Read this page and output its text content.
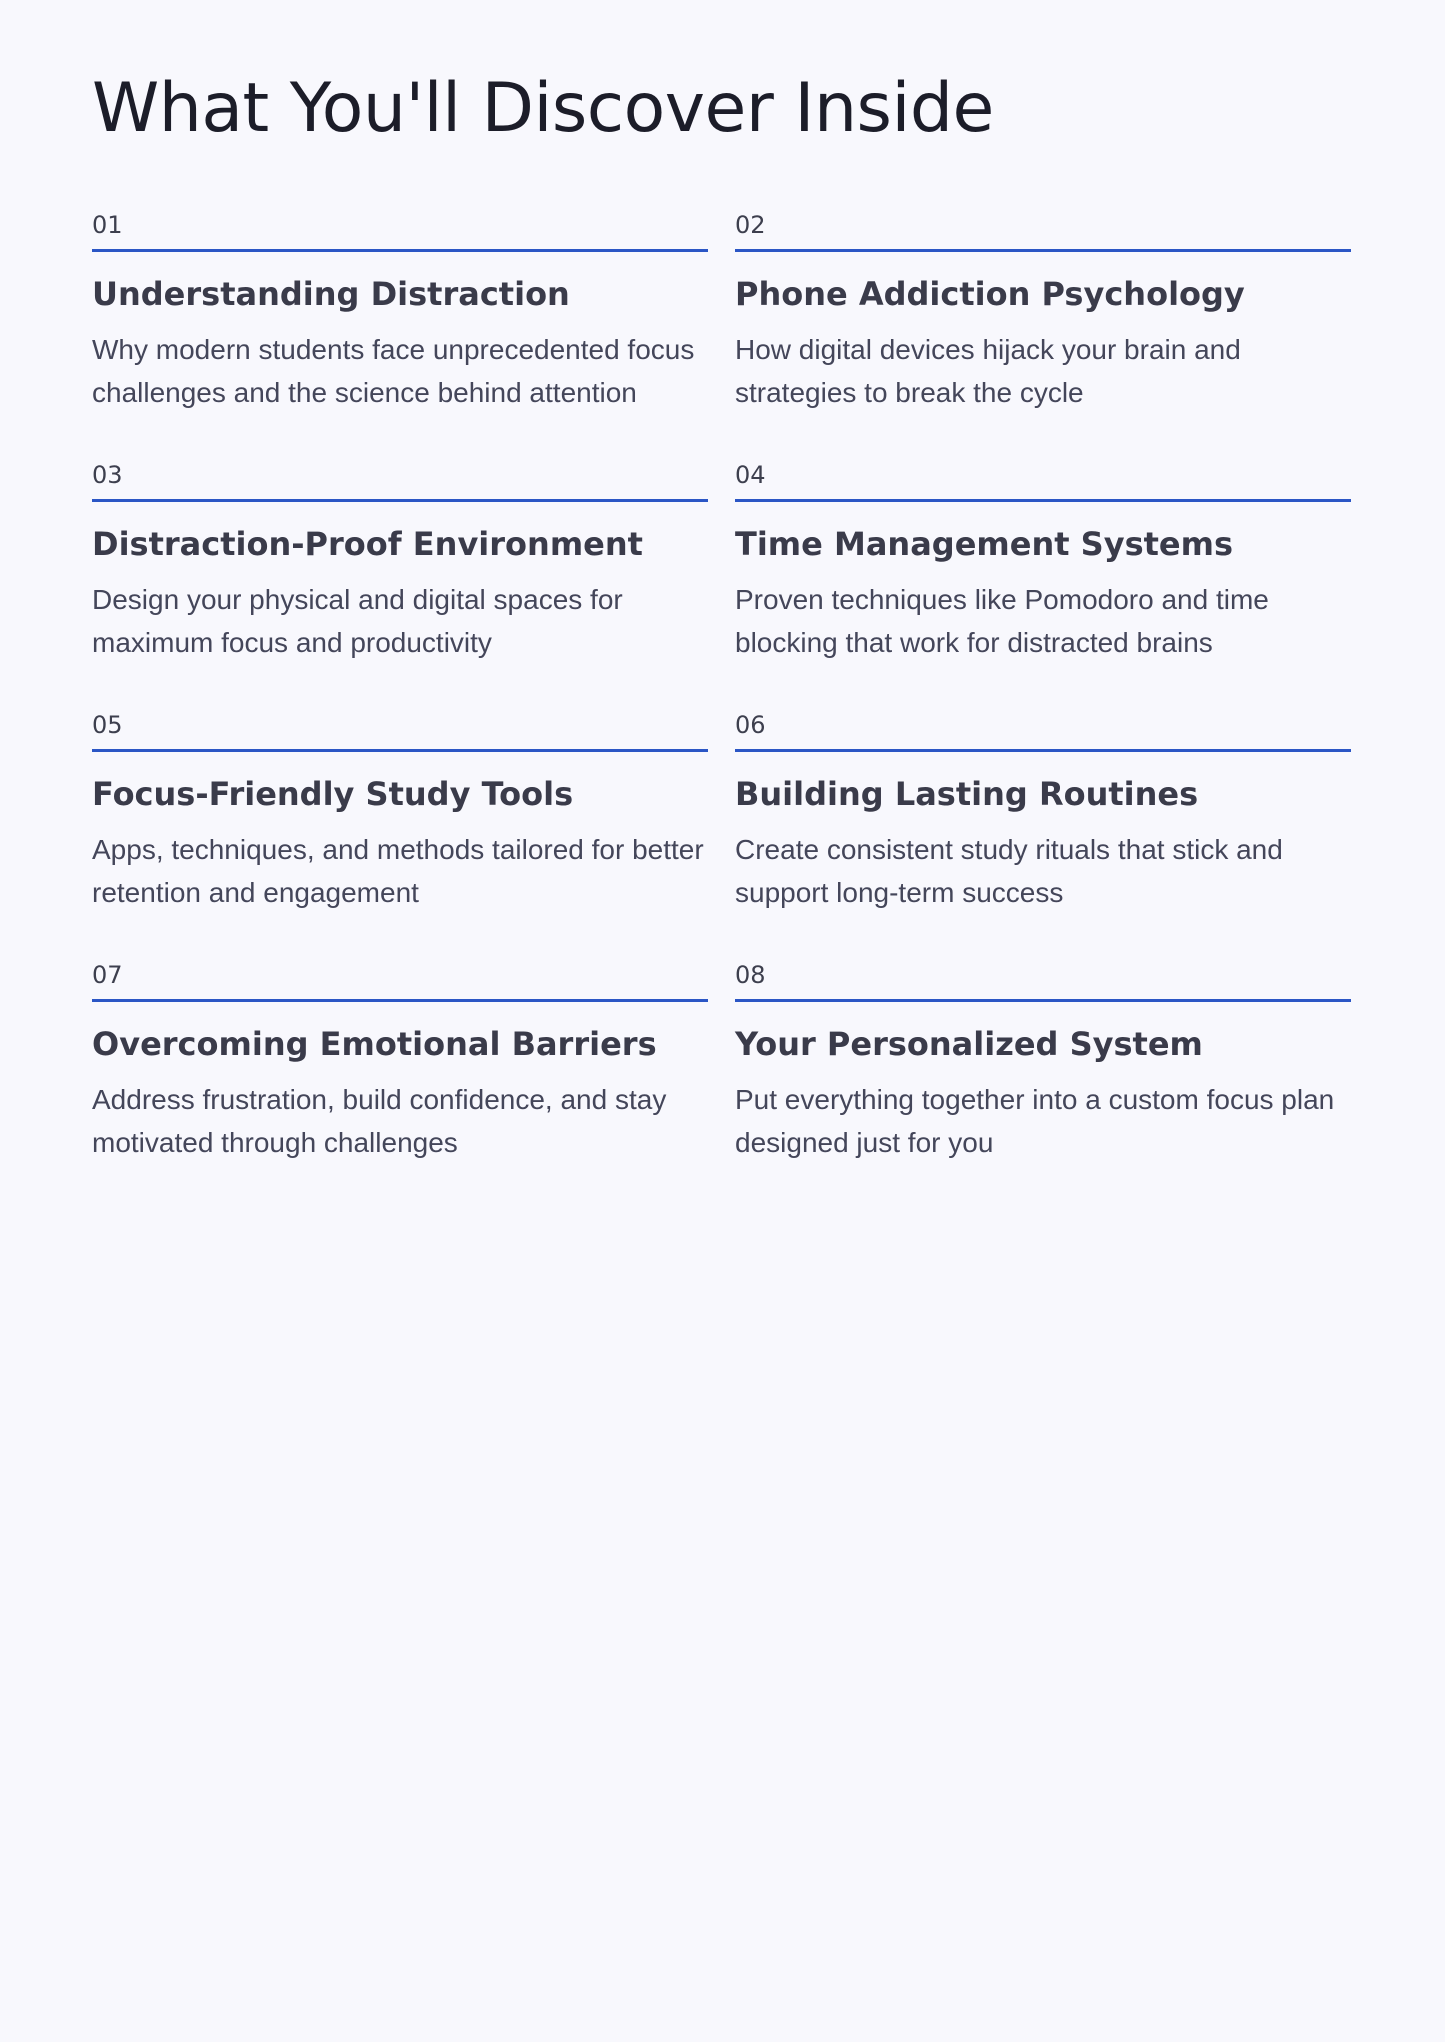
What You'll Discover Inside
01
Understanding Distraction

Why modern students face unprecedented focus challenges and the science behind attention

02
Phone Addiction Psychology

How digital devices hijack your brain and strategies to break the cycle

03
Distraction-Proof Environment

Design your physical and digital spaces for maximum focus and productivity

04
Time Management Systems

Proven techniques like Pomodoro and time blocking that work for distracted brains

05
Focus-Friendly Study Tools

Apps, techniques, and methods tailored for better retention and engagement

06
Building Lasting Routines

Create consistent study rituals that stick and support long-term success

07
Overcoming Emotional Barriers

Address frustration, build confidence, and stay motivated through challenges

08
Your Personalized System

Put everything together into a custom focus plan designed just for you
